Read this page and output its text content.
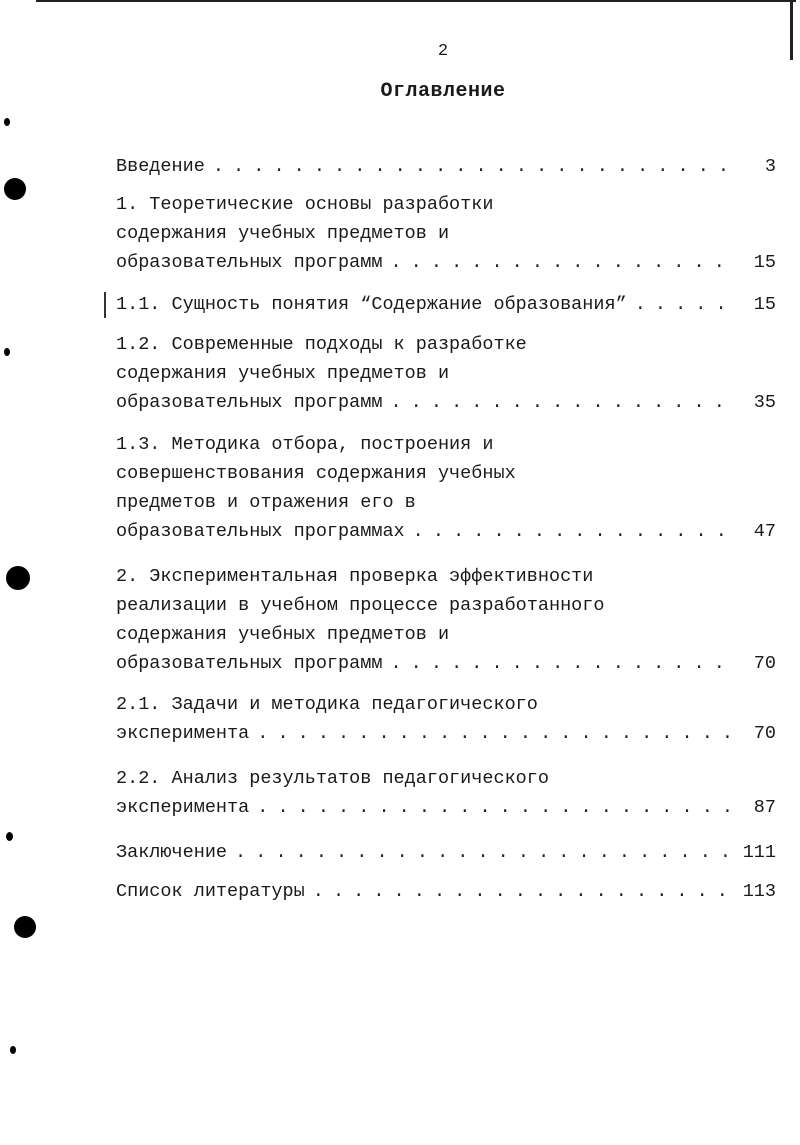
2
Оглавление
Введение . . .	3
1. Теоретические основы разработки
содержания учебных предметов и
образовательных программ . . .	15
1.1. Сущность понятия “Содержание образования” . . .	15
1.2. Современные подходы к разработке
содержания учебных предметов и
образовательных программ . . .	35
1.3. Методика отбора, построения и
совершенствования содержания учебных
предметов и отражения его в
образовательных программах . . .	47
2. Экспериментальная проверка эффективности
реализации в учебном процессе разработанного
содержания учебных предметов и
образовательных программ . . .	70
2.1. Задачи и методика педагогического
эксперимента . . .	70
2.2. Анализ результатов педагогического
эксперимента . . .	87
Заключение . . .	111
Список литературы . . .	113
